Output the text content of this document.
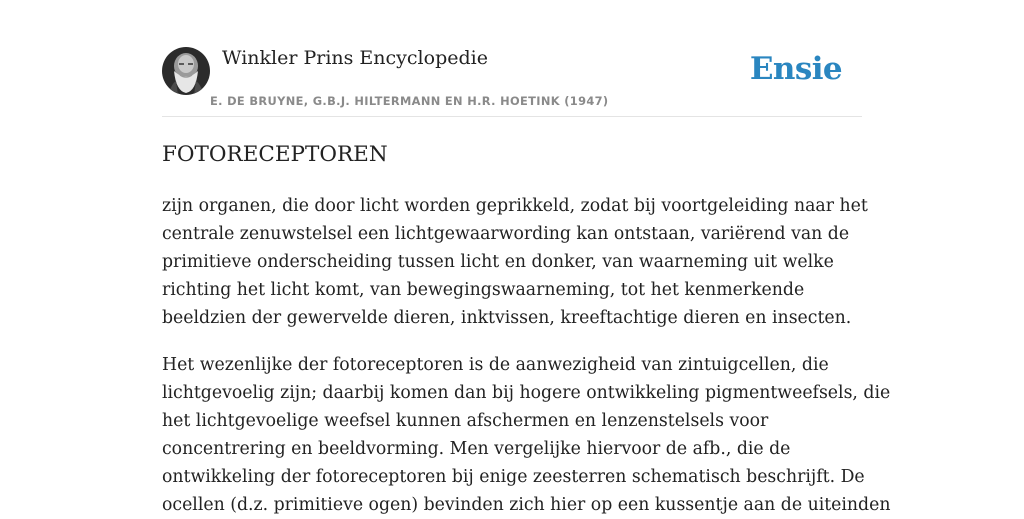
Winkler Prins Encyclopedie
E. DE BRUYNE, G.B.J. HILTERMANN EN H.R. HOETINK (1947)
Ensie
FOTORECEPTOREN

zijn organen, die door licht worden geprikkeld, zodat bij voortgeleiding naar het
centrale zenuwstelsel een lichtgewaarwording kan ontstaan, variërend van de
primitieve onderscheiding tussen licht en donker, van waarneming uit welke
richting het licht komt, van bewegingswaarneming, tot het kenmerkende
beeldzien der gewervelde dieren, inktvissen, kreeftachtige dieren en insecten.

Het wezenlijke der fotoreceptoren is de aanwezigheid van zintuigcellen, die
lichtgevoelig zijn; daarbij komen dan bij hogere ontwikkeling pigmentweefsels, die
het lichtgevoelige weefsel kunnen afschermen en lenzenstelsels voor
concentrering en beeldvorming. Men vergelijke hiervoor de afb., die de
ontwikkeling der fotoreceptoren bij enige zeesterren schematisch beschrijft. De
ocellen (d.z. primitieve ogen) bevinden zich hier op een kussentje aan de uiteinden
